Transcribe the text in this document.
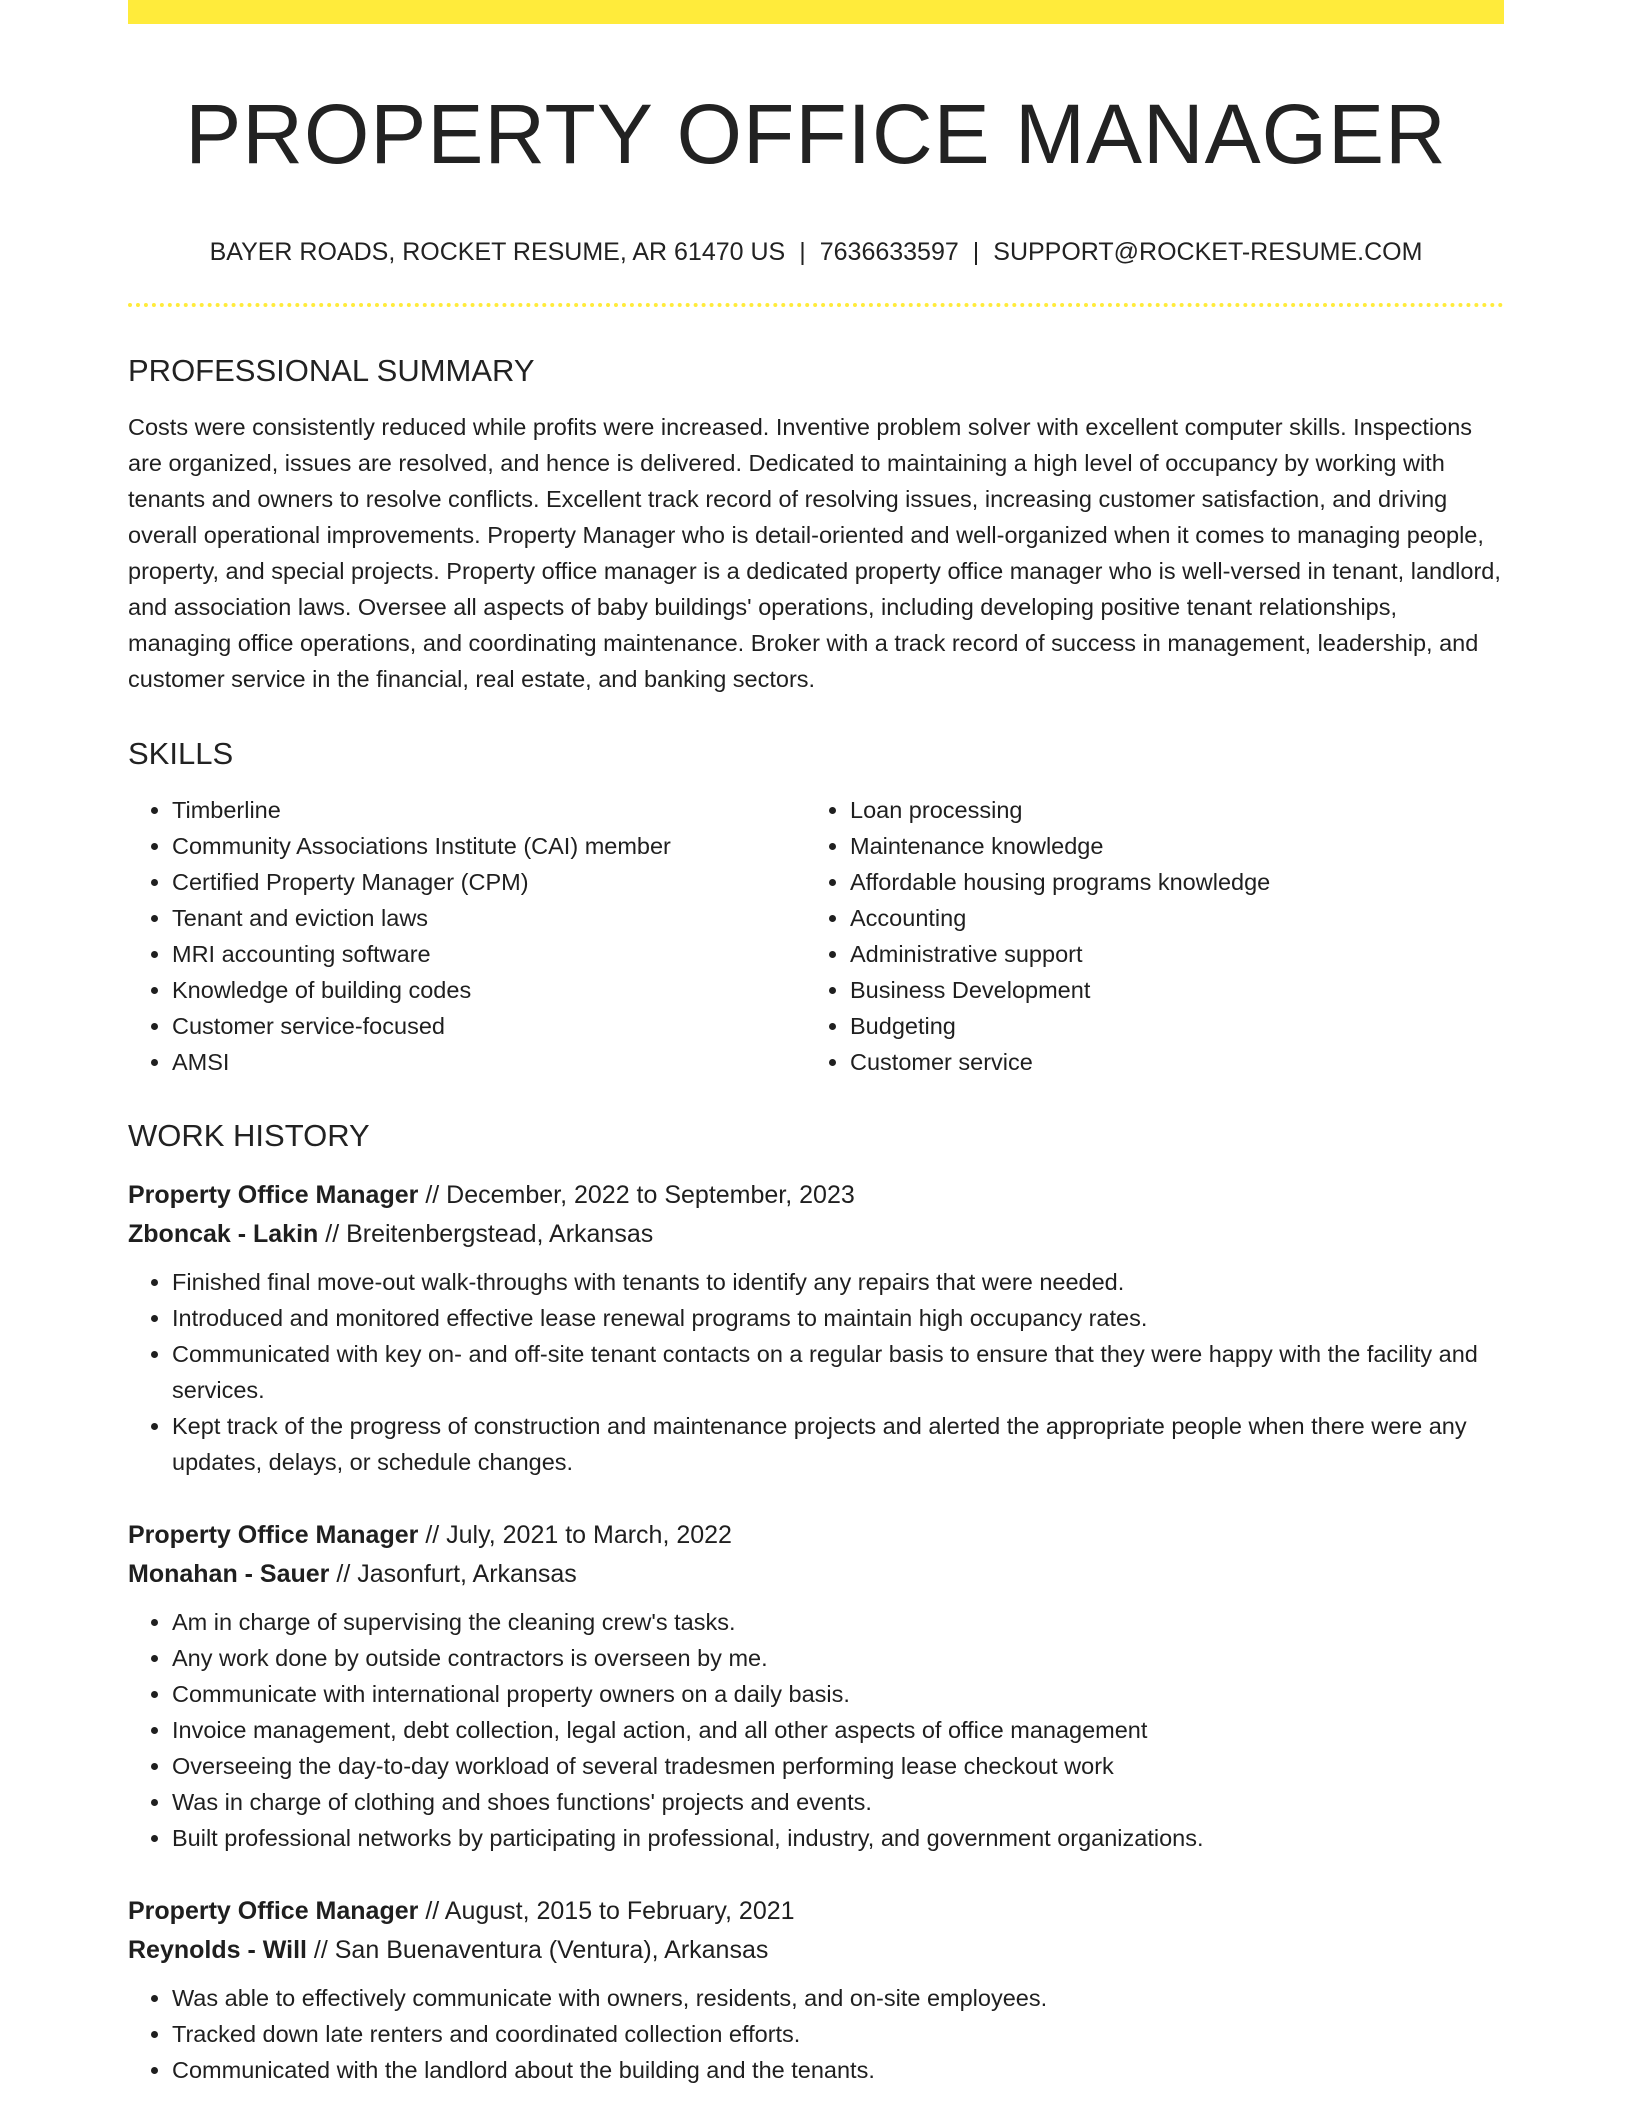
PROPERTY OFFICE MANAGER
BAYER ROADS, ROCKET RESUME, AR 61470 US | 7636633597 | SUPPORT@ROCKET-RESUME.COM
PROFESSIONAL SUMMARY

Costs were consistently reduced while profits were increased. Inventive problem solver with excellent computer skills. Inspections are organized, issues are resolved, and hence is delivered. Dedicated to maintaining a high level of occupancy by working with tenants and owners to resolve conflicts. Excellent track record of resolving issues, increasing customer satisfaction, and driving overall operational improvements. Property Manager who is detail-oriented and well-organized when it comes to managing people, property, and special projects. Property office manager is a dedicated property office manager who is well-versed in tenant, landlord, and association laws. Oversee all aspects of baby buildings' operations, including developing positive tenant relationships, managing office operations, and coordinating maintenance. Broker with a track record of success in management, leadership, and customer service in the financial, real estate, and banking sectors.

SKILLS
• Timberline
• Community Associations Institute (CAI) member
• Certified Property Manager (CPM)
• Tenant and eviction laws
• MRI accounting software
• Knowledge of building codes
• Customer service-focused
• AMSI
• Loan processing
• Maintenance knowledge
• Affordable housing programs knowledge
• Accounting
• Administrative support
• Business Development
• Budgeting
• Customer service
WORK HISTORY
Property Office Manager // December, 2022 to September, 2023
Zboncak - Lakin // Breitenbergstead, Arkansas
• Finished final move-out walk-throughs with tenants to identify any repairs that were needed.
• Introduced and monitored effective lease renewal programs to maintain high occupancy rates.
• Communicated with key on- and off-site tenant contacts on a regular basis to ensure that they were happy with the facility and services.
• Kept track of the progress of construction and maintenance projects and alerted the appropriate people when there were any updates, delays, or schedule changes.
Property Office Manager // July, 2021 to March, 2022
Monahan - Sauer // Jasonfurt, Arkansas
• Am in charge of supervising the cleaning crew's tasks.
• Any work done by outside contractors is overseen by me.
• Communicate with international property owners on a daily basis.
• Invoice management, debt collection, legal action, and all other aspects of office management
• Overseeing the day-to-day workload of several tradesmen performing lease checkout work
• Was in charge of clothing and shoes functions' projects and events.
• Built professional networks by participating in professional, industry, and government organizations.
Property Office Manager // August, 2015 to February, 2021
Reynolds - Will // San Buenaventura (Ventura), Arkansas
• Was able to effectively communicate with owners, residents, and on-site employees.
• Tracked down late renters and coordinated collection efforts.
• Communicated with the landlord about the building and the tenants.
